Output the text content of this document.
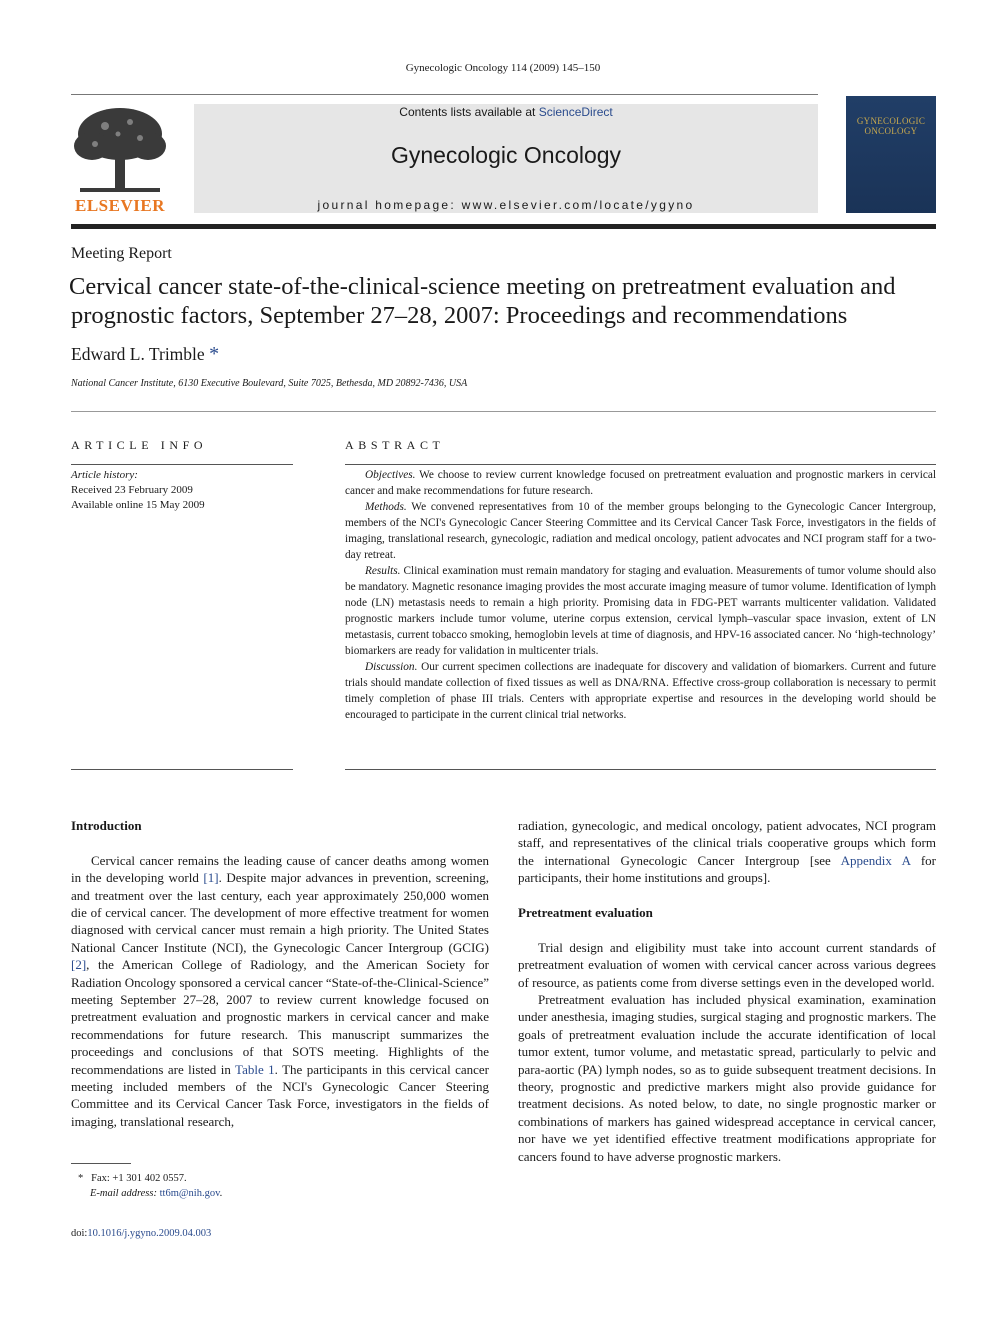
Gynecologic Oncology 114 (2009) 145–150
ELSEVIER
Contents lists available at ScienceDirect
Gynecologic Oncology
journal homepage: www.elsevier.com/locate/ygyno
GYNECOLOGIC
ONCOLOGY
Meeting Report
Cervical cancer state-of-the-clinical-science meeting on pretreatment evaluation and
prognostic factors, September 27–28, 2007: Proceedings and recommendations
Edward L. Trimble *
National Cancer Institute, 6130 Executive Boulevard, Suite 7025, Bethesda, MD 20892-7436, USA
ARTICLE INFO	ABSTRACT
Article history:
Received 23 February 2009
Available online 15 May 2009

Objectives. We choose to review current knowledge focused on pretreatment evaluation and prognostic markers in cervical cancer and make recommendations for future research.

Methods. We convened representatives from 10 of the member groups belonging to the Gynecologic Cancer Intergroup, members of the NCI's Gynecologic Cancer Steering Committee and its Cervical Cancer Task Force, investigators in the fields of imaging, translational research, gynecologic, radiation and medical oncology, patient advocates and NCI program staff for a two-day retreat.

Results. Clinical examination must remain mandatory for staging and evaluation. Measurements of tumor volume should also be mandatory. Magnetic resonance imaging provides the most accurate imaging measure of tumor volume. Identification of lymph node (LN) metastasis needs to remain a high priority. Promising data in FDG-PET warrants multicenter validation. Validated prognostic markers include tumor volume, uterine corpus extension, cervical lymph–vascular space invasion, extent of LN metastasis, current tobacco smoking, hemoglobin levels at time of diagnosis, and HPV-16 associated cancer. No ‘high-technology’ biomarkers are ready for validation in multicenter trials.

Discussion. Our current specimen collections are inadequate for discovery and validation of biomarkers. Current and future trials should mandate collection of fixed tissues as well as DNA/RNA. Effective cross-group collaboration is necessary to permit timely completion of phase III trials. Centers with appropriate expertise and resources in the developing world should be encouraged to participate in the current clinical trial networks.

Introduction

Cervical cancer remains the leading cause of cancer deaths among women in the developing world [1]. Despite major advances in prevention, screening, and treatment over the last century, each year approximately 250,000 women die of cervical cancer. The development of more effective treatment for women diagnosed with cervical cancer must remain a high priority. The United States National Cancer Institute (NCI), the Gynecologic Cancer Intergroup (GCIG) [2], the American College of Radiology, and the American Society for Radiation Oncology sponsored a cervical cancer “State-of-the-Clinical-Science” meeting September 27–28, 2007 to review current knowledge focused on pretreatment evaluation and prognostic markers in cervical cancer and make recommendations for future research. This manuscript summarizes the proceedings and conclusions of that SOTS meeting. Highlights of the recommendations are listed in Table 1. The participants in this cervical cancer meeting included members of the NCI's Gynecologic Cancer Steering Committee and its Cervical Cancer Task Force, investigators in the fields of imaging, translational research,

radiation, gynecologic, and medical oncology, patient advocates, NCI program staff, and representatives of the clinical trials cooperative groups which form the international Gynecologic Cancer Intergroup [see Appendix A for participants, their home institutions and groups].

Pretreatment evaluation

Trial design and eligibility must take into account current standards of pretreatment evaluation of women with cervical cancer across various degrees of resource, as patients come from diverse settings even in the developed world.

Pretreatment evaluation has included physical examination, examination under anesthesia, imaging studies, surgical staging and prognostic markers. The goals of pretreatment evaluation include the accurate identification of local tumor extent, tumor volume, and metastatic spread, particularly to pelvic and para-aortic (PA) lymph nodes, so as to guide subsequent treatment decisions. In theory, prognostic and predictive markers might also provide guidance for treatment decisions. As noted below, to date, no single prognostic marker or combinations of markers has gained widespread acceptance in cervical cancer, nor have we yet identified effective treatment modifications appropriate for cancers found to have adverse prognostic markers.

* Fax: +1 301 402 0557.
E-mail address: tt6m@nih.gov.
doi:10.1016/j.ygyno.2009.04.003
